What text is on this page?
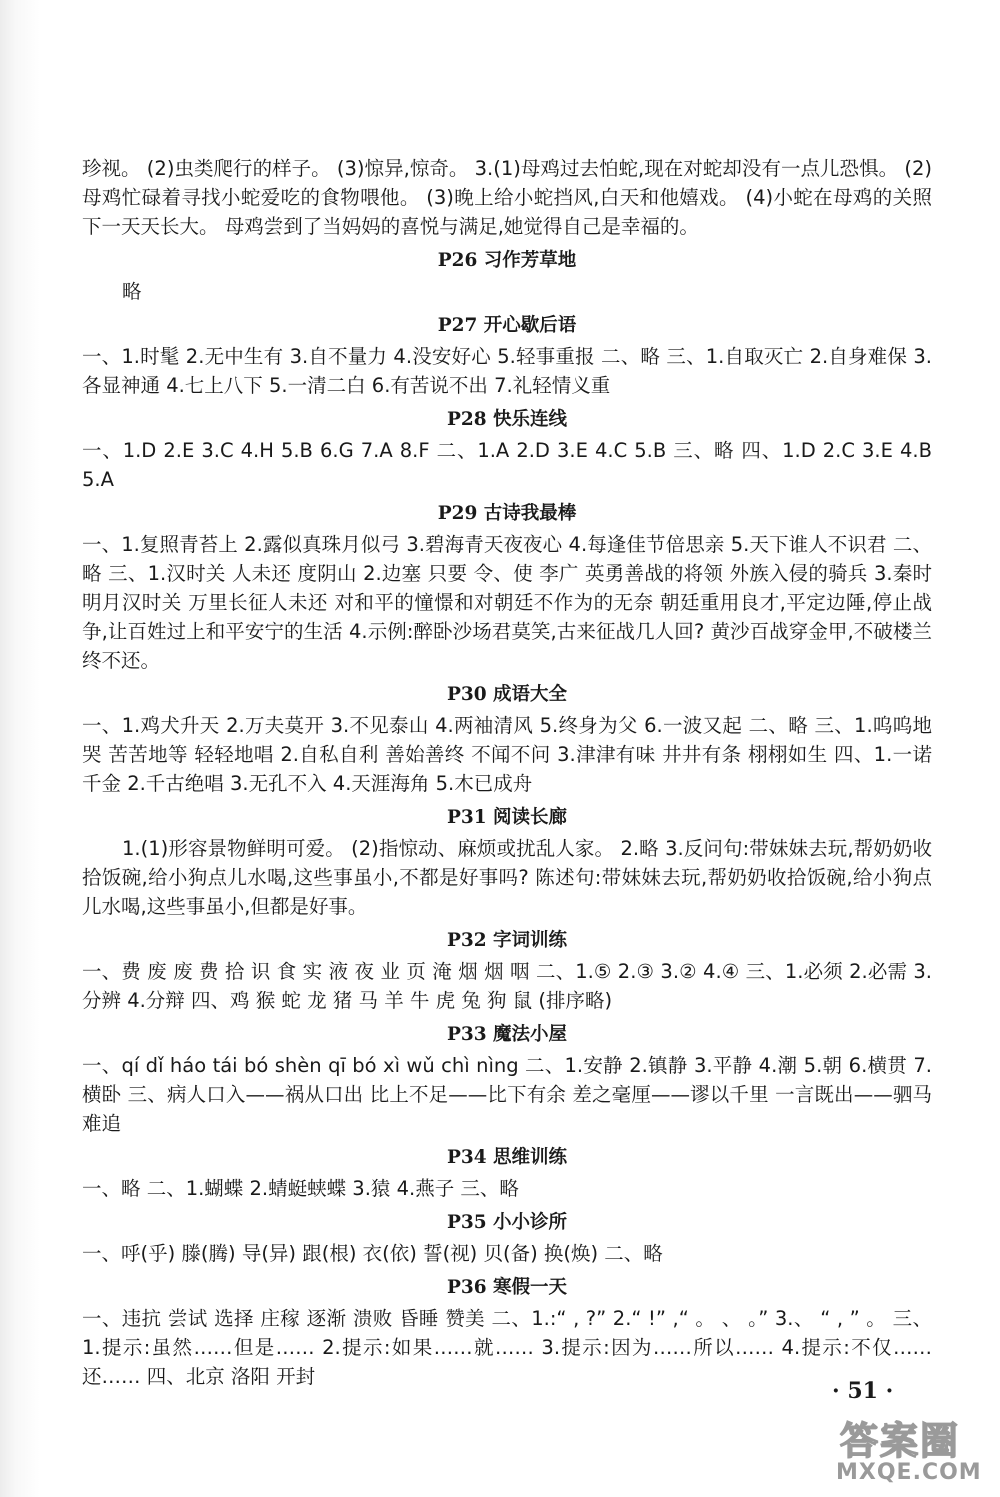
珍视。 (2)虫类爬行的样子。 (3)惊异,惊奇。 3.(1)母鸡过去怕蛇,现在对蛇却没有一点儿恐惧。 (2)母鸡忙碌着寻找小蛇爱吃的食物喂他。 (3)晚上给小蛇挡风,白天和他嬉戏。 (4)小蛇在母鸡的关照下一天天长大。 母鸡尝到了当妈妈的喜悦与满足,她觉得自己是幸福的。

P26 习作芳草地

略

P27 开心歇后语

一、1.时髦 2.无中生有 3.自不量力 4.没安好心 5.轻事重报 二、略 三、1.自取灭亡 2.自身难保 3.各显神通 4.七上八下 5.一清二白 6.有苦说不出 7.礼轻情义重

P28 快乐连线

一、1.D 2.E 3.C 4.H 5.B 6.G 7.A 8.F 二、1.A 2.D 3.E 4.C 5.B 三、略 四、1.D 2.C 3.E 4.B 5.A

P29 古诗我最棒

一、1.复照青苔上 2.露似真珠月似弓 3.碧海青天夜夜心 4.每逢佳节倍思亲 5.天下谁人不识君 二、略 三、1.汉时关 人未还 度阴山 2.边塞 只要 令、使 李广 英勇善战的将领 外族入侵的骑兵 3.秦时明月汉时关 万里长征人未还 对和平的憧憬和对朝廷不作为的无奈 朝廷重用良才,平定边陲,停止战争,让百姓过上和平安宁的生活 4.示例:醉卧沙场君莫笑,古来征战几人回? 黄沙百战穿金甲,不破楼兰终不还。

P30 成语大全

一、1.鸡犬升天 2.万夫莫开 3.不见泰山 4.两袖清风 5.终身为父 6.一波又起 二、略 三、1.呜呜地哭 苦苦地等 轻轻地唱 2.自私自利 善始善终 不闻不问 3.津津有味 井井有条 栩栩如生 四、1.一诺千金 2.千古绝唱 3.无孔不入 4.天涯海角 5.木已成舟

P31 阅读长廊

1.(1)形容景物鲜明可爱。 (2)指惊动、麻烦或扰乱人家。 2.略 3.反问句:带妹妹去玩,帮奶奶收拾饭碗,给小狗点儿水喝,这些事虽小,不都是好事吗? 陈述句:带妹妹去玩,帮奶奶收拾饭碗,给小狗点儿水喝,这些事虽小,但都是好事。

P32 字词训练

一、费 废 废 费 拾 识 食 实 液 夜 业 页 淹 烟 烟 咽 二、1.⑤ 2.③ 3.② 4.④ 三、1.必须 2.必需 3.分辨 4.分辩 四、鸡 猴 蛇 龙 猪 马 羊 牛 虎 兔 狗 鼠 (排序略)

P33 魔法小屋

一、qí dǐ háo tái bó shèn qī bó xì wǔ chì nìng 二、1.安静 2.镇静 3.平静 4.潮 5.朝 6.横贯 7.横卧 三、病人口入——祸从口出 比上不足——比下有余 差之毫厘——谬以千里 一言既出——驷马难追

P34 思维训练

一、略 二、1.蝴蝶 2.蜻蜓蛱蝶 3.猿 4.燕子 三、略

P35 小小诊所

一、呼(乎) 滕(腾) 导(异) 跟(根) 衣(依) 誓(视) 贝(备) 换(焕) 二、略

P36 寒假一天

一、违抗 尝试 选择 庄稼 逐渐 溃败 昏睡 赞美 二、1.:“ , ?” 2.“ !” ,“ 。 、 。” 3.、 “ , ” 。 三、1.提示:虽然……但是…… 2.提示:如果……就…… 3.提示:因为……所以…… 4.提示:不仅……还…… 四、北京 洛阳 开封

· 51 ·
答案圈
MXQE.COM
